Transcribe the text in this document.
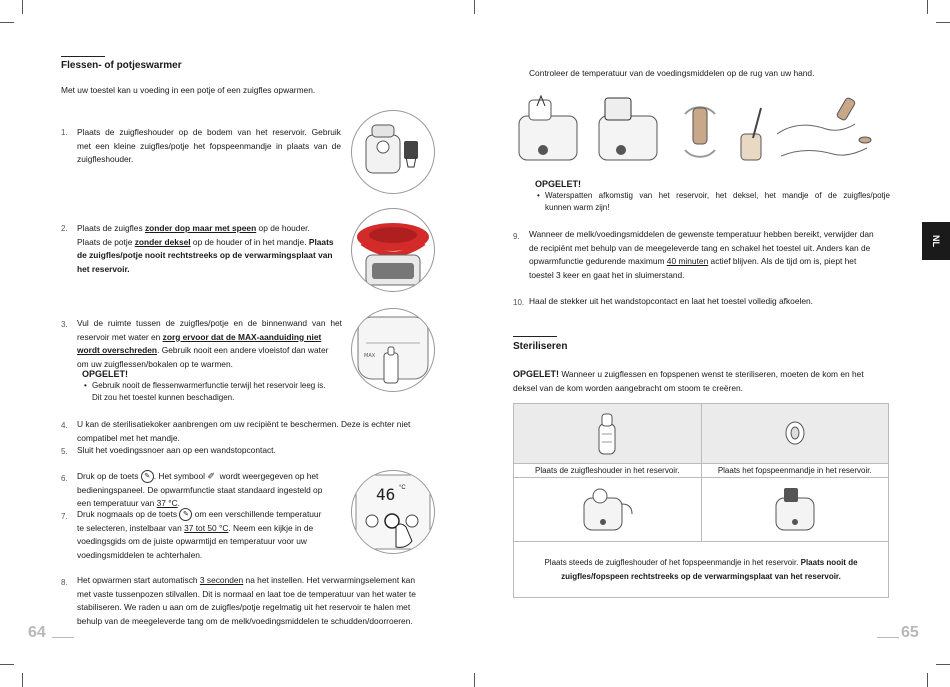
Flessen- of potjeswarmer
Met uw toestel kan u voeding in een potje of een zuigfles opwarmen.
1. Plaats de zuigfleshouder op de bodem van het reservoir. Gebruik
met een kleine zuigfles/potje het fopspeenmandje in plaats van de
zuigfleshouder.
2. Plaats de zuigfles zonder dop maar met speen op de houder.
Plaats de potje zonder deksel op de houder of in het mandje. Plaats
de zuigfles/potje nooit rechtstreeks op de verwarmingsplaat van
het reservoir.
3. Vul de ruimte tussen de zuigfles/potje en de binnenwand van het
reservoir met water en zorg ervoor dat de MAX-aanduiding niet
wordt overschreden. Gebruik nooit een andere vloeistof dan water
om uw zuigflessen/bokalen op te warmen.
OPGELET!
• Gebruik nooit de flessenwarmerfunctie terwijl het reservoir leeg is.
Dit zou het toestel kunnen beschadigen.
MAX
4. U kan de sterilisatiekoker aanbrengen om uw recipiënt te beschermen. Deze is echter niet
compatibel met het mandje.
5. Sluit het voedingssnoer aan op een wandstopcontact.
6. Druk op de toets ✎ . Het symbool ✐ wordt weergegeven op het
bedieningspaneel. De opwarmfunctie staat standaard ingesteld op
een temperatuur van 37 °C.
7. Druk nogmaals op de toets ✎ om een verschillende temperatuur
te selecteren, instelbaar van 37 tot 50 °C. Neem een kijkje in de
voedingsgids om de juiste opwarmtijd en temperatuur voor uw
voedingsmiddelen te achterhalen.
46 °C
8. Het opwarmen start automatisch 3 seconden na het instellen. Het verwarmingselement kan
met vaste tussenpozen stilvallen. Dit is normaal en laat toe de temperatuur van het water te
stabiliseren. We raden u aan om de zuigfles/potje regelmatig uit het reservoir te halen met
behulp van de meegeleverde tang om de melk/voedingsmiddelen te schudden/doorroeren.
64
Controleer de temperatuur van de voedingsmiddelen op de rug van uw hand.
OPGELET!
• Waterspatten afkomstig van het reservoir, het deksel, het mandje of de zuigfles/potje
kunnen warm zijn!
9. Wanneer de melk/voedingsmiddelen de gewenste temperatuur hebben bereikt, verwijder dan
de recipiënt met behulp van de meegeleverde tang en schakel het toestel uit. Anders kan de
opwarmfunctie gedurende maximum 40 minuten actief blijven. Als de tijd om is, piept het
toestel 3 keer en gaat het in sluimerstand.
10. Haal de stekker uit het wandstopcontact en laat het toestel volledig afkoelen.
Steriliseren
OPGELET! Wanneer u zuigflessen en fopspenen wenst te steriliseren, moeten de kom en het
deksel van de kom worden aangebracht om stoom te creëren.

Plaats de zuigfleshouder in het reservoir.	Plaats het fopspeenmandje in het reservoir.

Plaats steeds de zuigfleshouder of het fopspeenmandje in het reservoir. Plaats nooit de
zuigfles/fopspeen rechtstreeks op de verwarmingsplaat van het reservoir.
NL
65
